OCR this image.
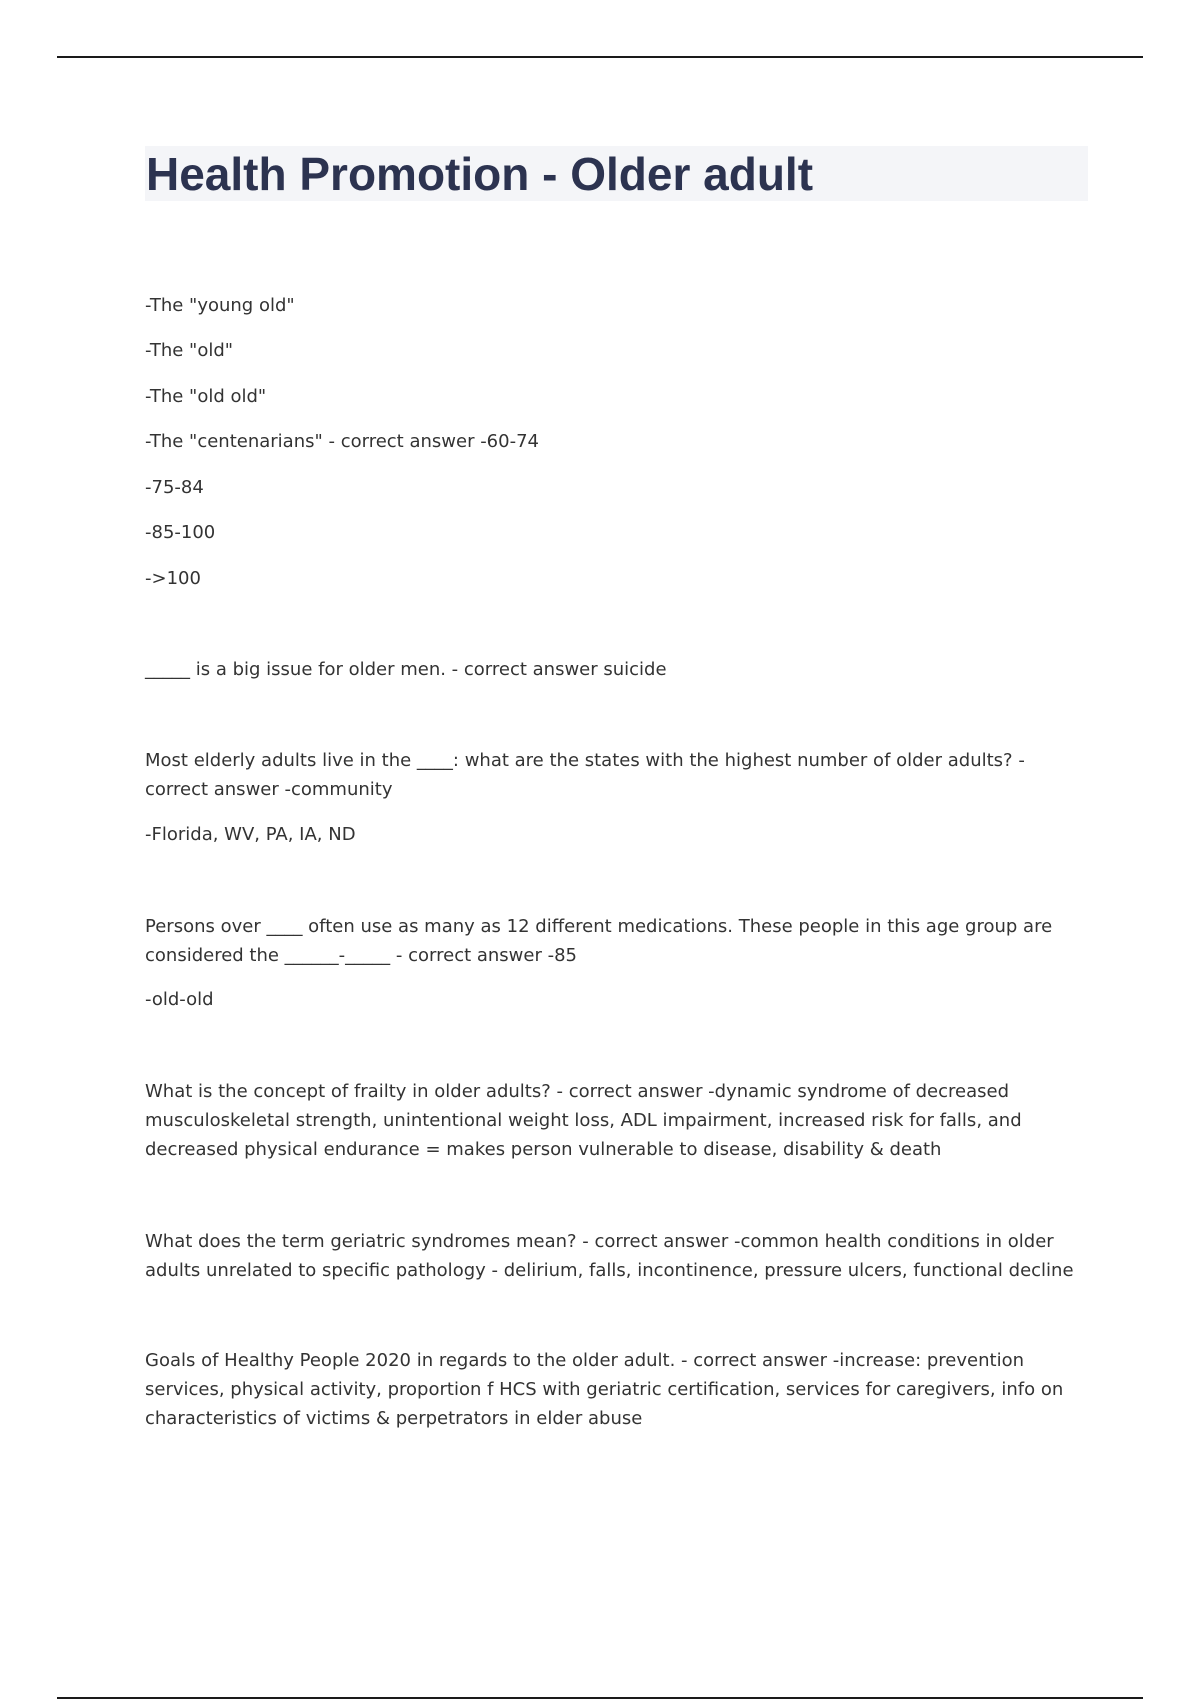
Health Promotion - Older adult

-The "young old"

-The "old"

-The "old old"

-The "centenarians" - correct answer -60-74

-75-84

-85-100

->100

_____ is a big issue for older men. - correct answer suicide

Most elderly adults live in the ____: what are the states with the highest number of older adults? - correct answer -community

-Florida, WV, PA, IA, ND

Persons over ____ often use as many as 12 different medications. These people in this age group are considered the ______-_____ - correct answer -85

-old-old

What is the concept of frailty in older adults? - correct answer -dynamic syndrome of decreased musculoskeletal strength, unintentional weight loss, ADL impairment, increased risk for falls, and decreased physical endurance = makes person vulnerable to disease, disability & death

What does the term geriatric syndromes mean? - correct answer -common health conditions in older adults unrelated to specific pathology - delirium, falls, incontinence, pressure ulcers, functional decline

Goals of Healthy People 2020 in regards to the older adult. - correct answer -increase: prevention services, physical activity, proportion f HCS with geriatric certification, services for caregivers, info on characteristics of victims & perpetrators in elder abuse
